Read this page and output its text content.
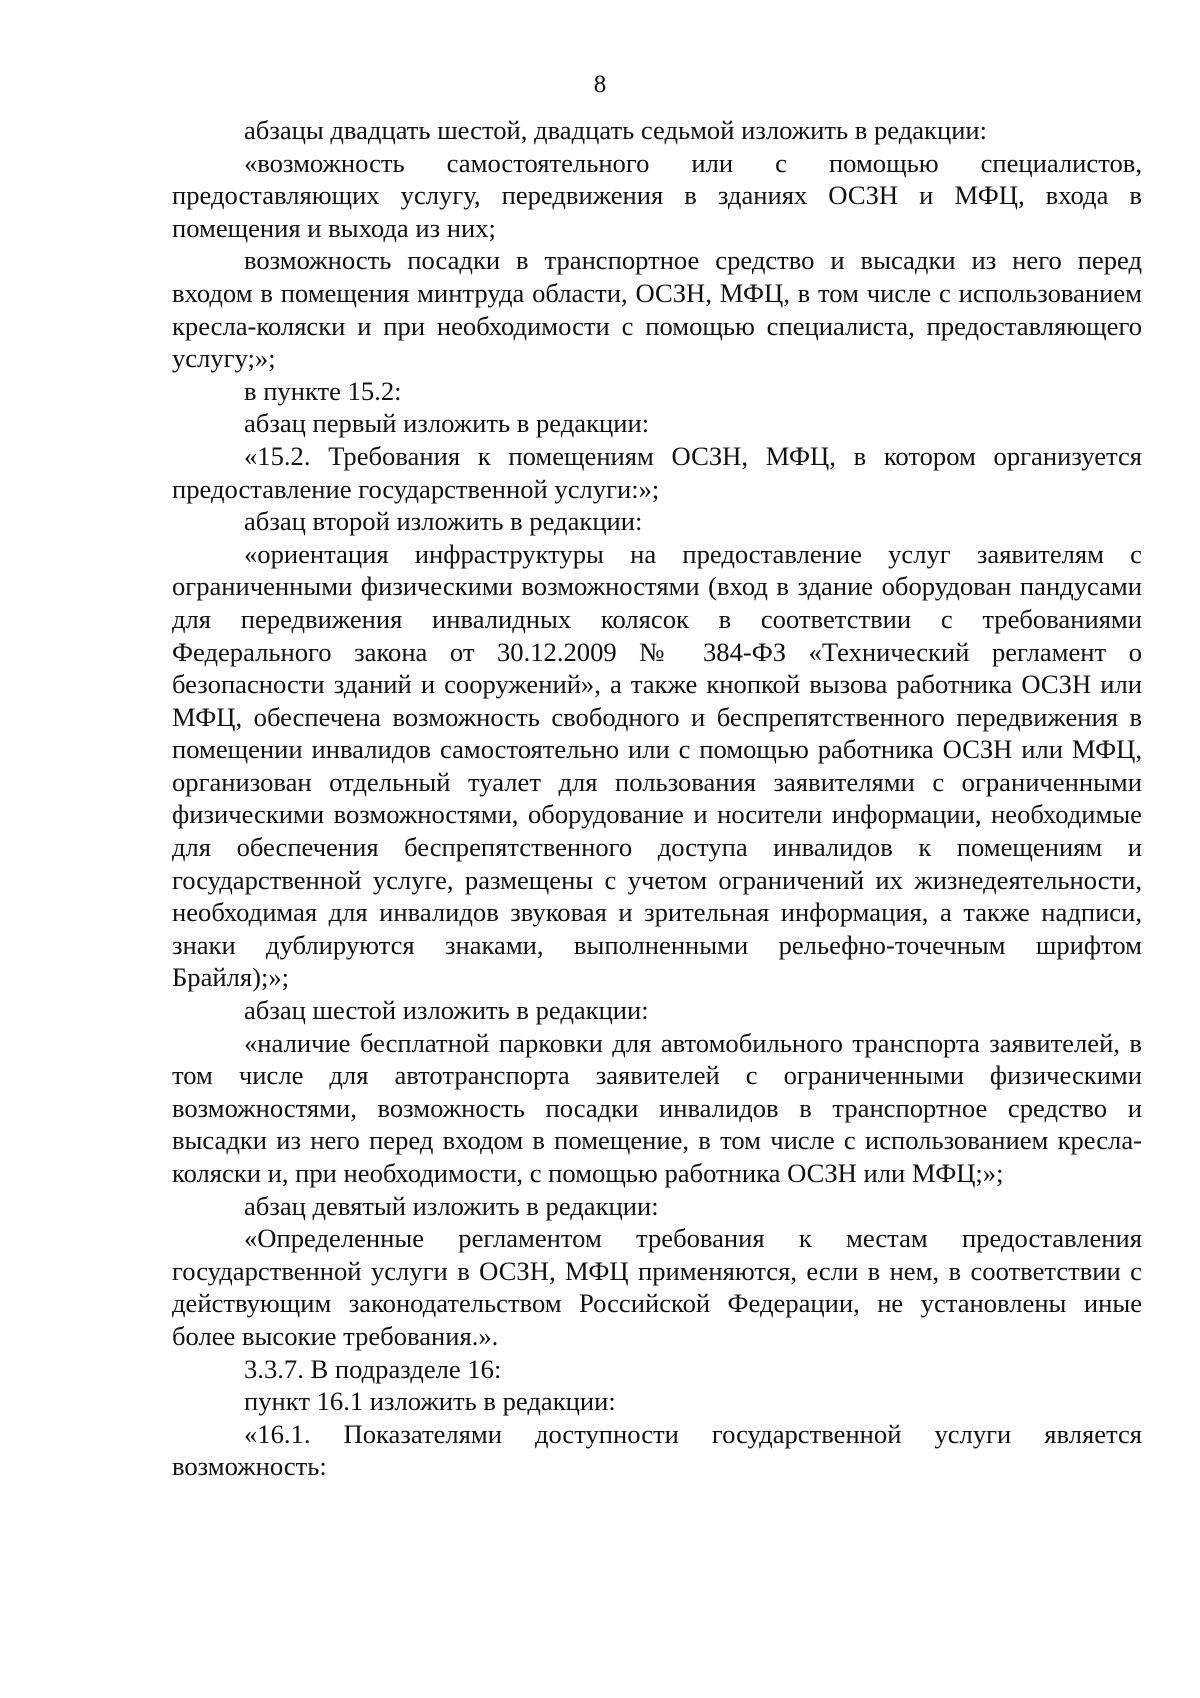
8

абзацы двадцать шестой, двадцать седьмой изложить в редакции:

«возможность самостоятельного или с помощью специалистов, предоставляющих услугу, передвижения в зданиях ОСЗН и МФЦ, входа в помещения и выхода из них;

возможность посадки в транспортное средство и высадки из него перед входом в помещения минтруда области, ОСЗН, МФЦ, в том числе с использованием кресла-коляски и при необходимости с помощью специалиста, предоставляющего услугу;»;

в пункте 15.2:

абзац первый изложить в редакции:

«15.2. Требования к помещениям ОСЗН, МФЦ, в котором организуется предоставление государственной услуги:»;

абзац второй изложить в редакции:

«ориентация инфраструктуры на предоставление услуг заявителям с ограниченными физическими возможностями (вход в здание оборудован пандусами для передвижения инвалидных колясок в соответствии с требованиями Федерального закона от 30.12.2009 № 384-ФЗ «Технический регламент о безопасности зданий и сооружений», а также кнопкой вызова работника ОСЗН или МФЦ, обеспечена возможность свободного и беспрепятственного передвижения в помещении инвалидов самостоятельно или с помощью работника ОСЗН или МФЦ, организован отдельный туалет для пользования заявителями с ограниченными физическими возможностями, оборудование и носители информации, необходимые для обеспечения беспрепятственного доступа инвалидов к помещениям и государственной услуге, размещены с учетом ограничений их жизнедеятельности, необходимая для инвалидов звуковая и зрительная информация, а также надписи, знаки дублируются знаками, выполненными рельефно-точечным шрифтом Брайля);»;

абзац шестой изложить в редакции:

«наличие бесплатной парковки для автомобильного транспорта заявителей, в том числе для автотранспорта заявителей с ограниченными физическими возможностями, возможность посадки инвалидов в транспортное средство и высадки из него перед входом в помещение, в том числе с использованием кресла-коляски и, при необходимости, с помощью работника ОСЗН или МФЦ;»;

абзац девятый изложить в редакции:

«Определенные регламентом требования к местам предоставления государственной услуги в ОСЗН, МФЦ применяются, если в нем, в соответствии с действующим законодательством Российской Федерации, не установлены иные более высокие требования.».

3.3.7. В подразделе 16:

пункт 16.1 изложить в редакции:

«16.1. Показателями доступности государственной услуги является возможность:
